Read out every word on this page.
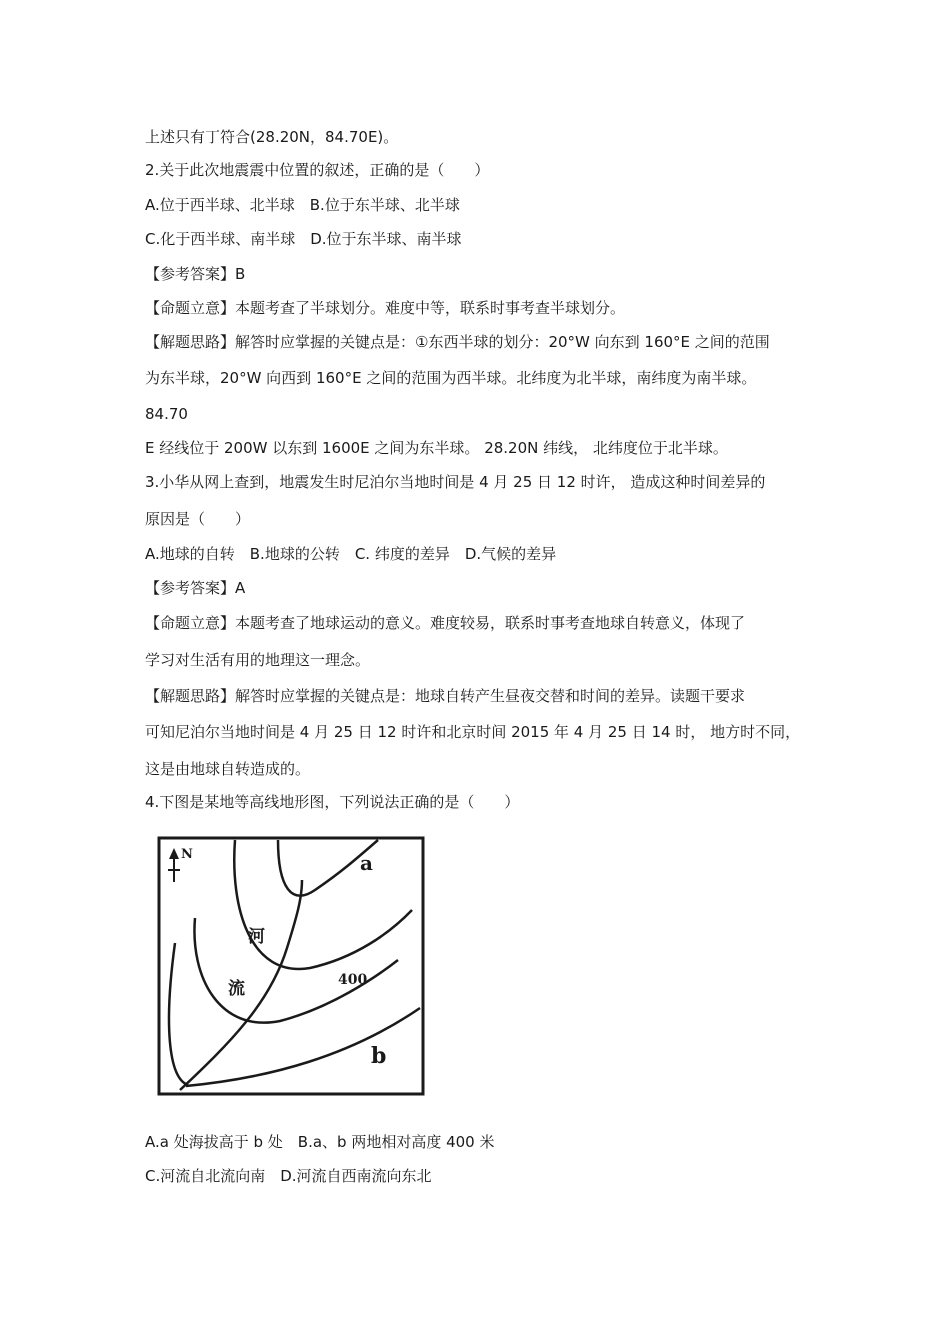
上述只有丁符合(28.20N，84.70E)。
2.关于此次地震震中位置的叙述，正确的是（　　）
A.位于西半球、北半球　B.位于东半球、北半球
C.化于西半球、南半球　D.位于东半球、南半球
【参考答案】B
【命题立意】本题考查了半球划分。难度中等，联系时事考查半球划分。
【解题思路】解答时应掌握的关键点是：①东西半球的划分：20°W 向东到 160°E 之间的范围
为东半球，20°W 向西到 160°E 之间的范围为西半球。北纬度为北半球，南纬度为南半球。
84.70
E 经线位于 200W 以东到 1600E 之间为东半球。 28.20N 纬线， 北纬度位于北半球。
3.小华从网上查到，地震发生时尼泊尔当地时间是 4 月 25 日 12 时许， 造成这种时间差异的
原因是（　　）
A.地球的自转　B.地球的公转　C. 纬度的差异　D.气候的差异
【参考答案】A
【命题立意】本题考查了地球运动的意义。难度较易，联系时事考查地球自转意义，体现了
学习对生活有用的地理这一理念。
【解题思路】解答时应掌握的关键点是：地球自转产生昼夜交替和时间的差异。读题干要求
可知尼泊尔当地时间是 4 月 25 日 12 时许和北京时间 2015 年 4 月 25 日 14 时， 地方时不同，
这是由地球自转造成的。
4.下图是某地等高线地形图，下列说法正确的是（　　）
N	a
b
400
河
流
A.a 处海拔高于 b 处　B.a、b 两地相对高度 400 米
C.河流自北流向南　D.河流自西南流向东北
